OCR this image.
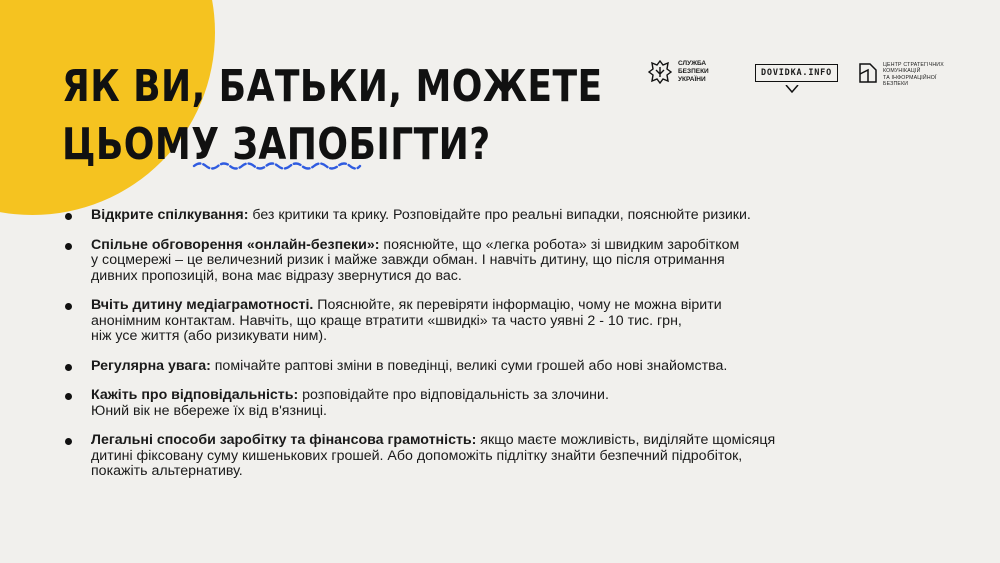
ЯК ВИ, БАТЬКИ, МОЖЕТЕ
ЦЬОМУ ЗАПОБІГТИ?
СЛУЖБА
БЕЗПЕКИ
УКРАЇНИ
DOVIDKA.INFO
ЦЕНТР СТРАТЕГІЧНИХ
КОМУНІКАЦІЙ
ТА ІНФОРМАЦІЙНОЇ
БЕЗПЕКИ
Відкрите спілкування: без критики та крику. Розповідайте про реальні випадки, пояснюйте ризики.
Спільне обговорення «онлайн-безпеки»: пояснюйте, що «легка робота» зі швидким заробітком
у соцмережі – це величезний ризик і майже завжди обман. І навчіть дитину, що після отримання
дивних пропозицій, вона має відразу звернутися до вас.
Вчіть дитину медіаграмотності. Пояснюйте, як перевіряти інформацію, чому не можна вірити
анонімним контактам. Навчіть, що краще втратити «швидкі» та часто уявні 2 - 10 тис. грн,
ніж усе життя (або ризикувати ним).
Регулярна увага: помічайте раптові зміни в поведінці, великі суми грошей або нові знайомства.
Кажіть про відповідальність: розповідайте про відповідальність за злочини.
Юний вік не вбереже їх від в'язниці.
Легальні способи заробітку та фінансова грамотність: якщо маєте можливість, виділяйте щомісяця
дитині фіксовану суму кишенькових грошей. Або допоможіть підлітку знайти безпечний підробіток,
покажіть альтернативу.
